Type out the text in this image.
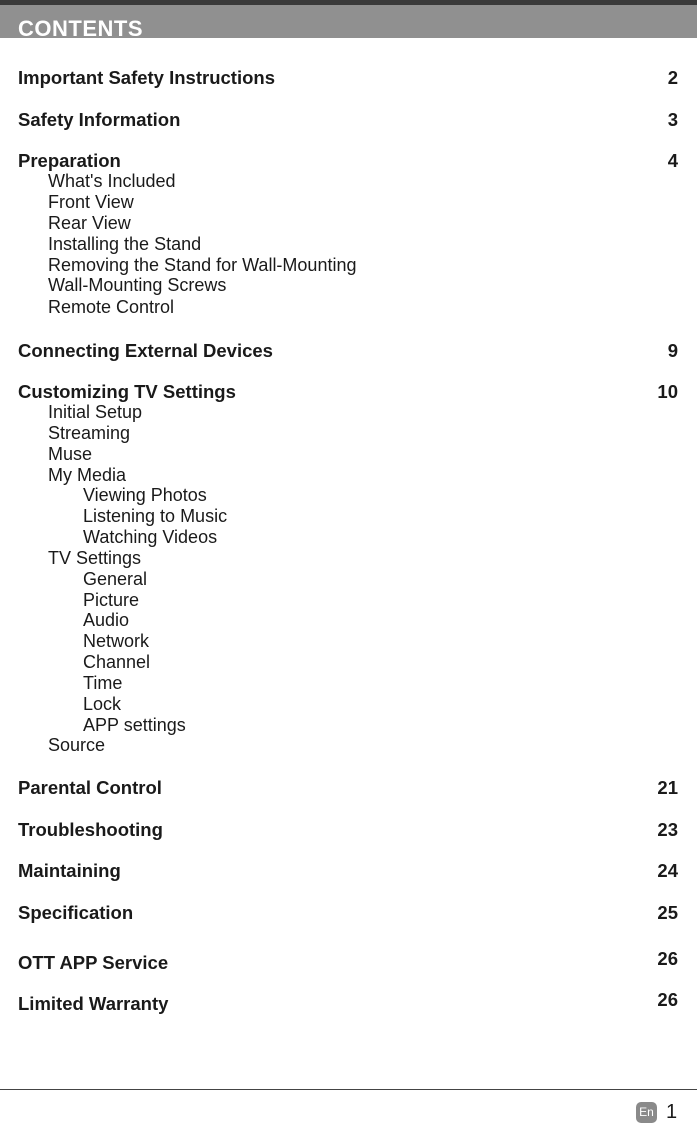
CONTENTS
Important Safety Instructions	2
Safety Information	3
Preparation	4
What's Included
Front View
Rear View
Installing the Stand
Removing the Stand for Wall-Mounting
Wall-Mounting Screws
Remote Control
Connecting External Devices	9
Customizing TV Settings	10
Initial Setup
Streaming
Muse
My Media
Viewing Photos
Listening to Music
Watching Videos
TV Settings
General
Picture
Audio
Network
Channel
Time
Lock
APP settings
Source
Parental Control	21
Troubleshooting	23
Maintaining	24
Specification	25
OTT APP Service	26
Limited Warranty	26
En 1
